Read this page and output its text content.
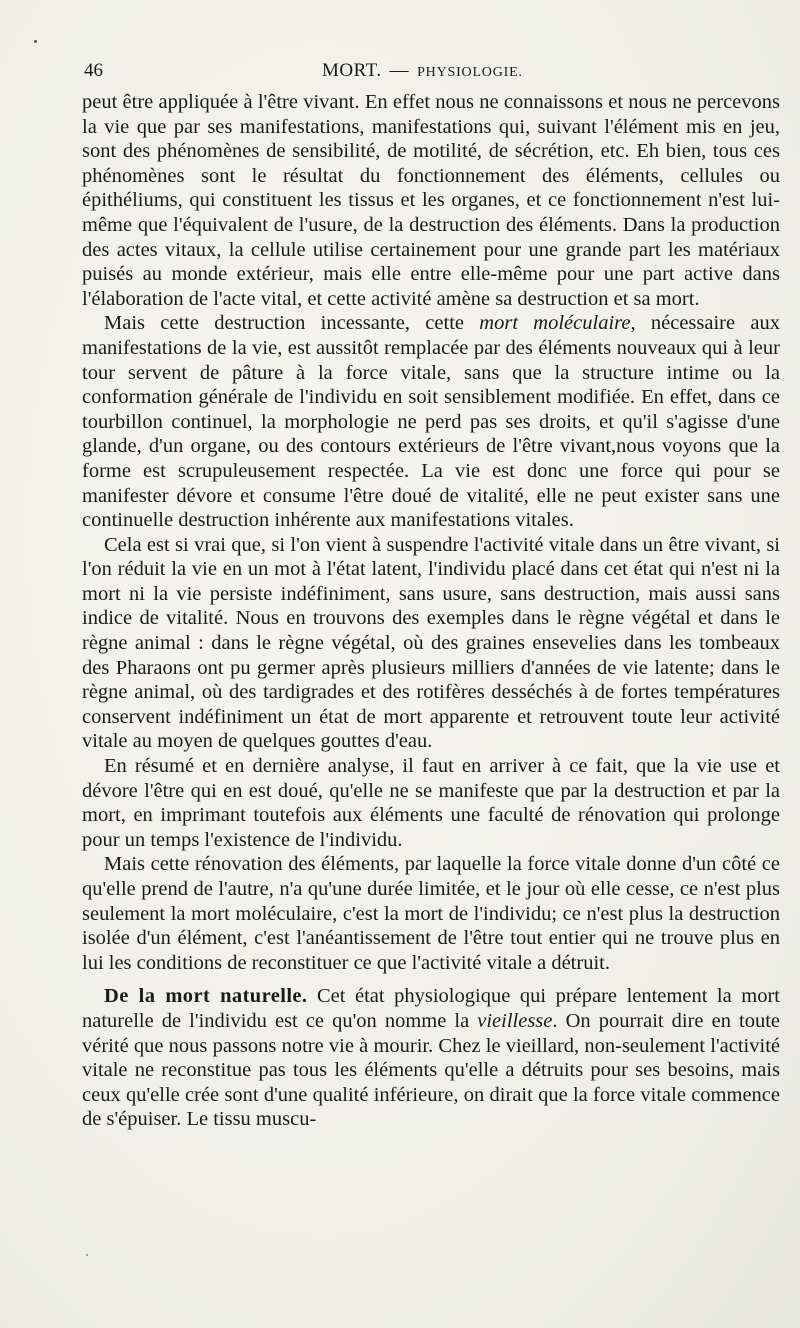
46	MORT. — PHYSIOLOGIE.

peut être appliquée à l'être vivant. En effet nous ne connaissons et nous ne percevons la vie que par ses manifestations, manifestations qui, suivant l'élément mis en jeu, sont des phénomènes de sensibilité, de motilité, de sécrétion, etc. Eh bien, tous ces phénomènes sont le résultat du fonctionnement des éléments, cellules ou épithéliums, qui constituent les tissus et les organes, et ce fonctionnement n'est lui-même que l'équivalent de l'usure, de la destruction des éléments. Dans la production des actes vitaux, la cellule utilise certainement pour une grande part les matériaux puisés au monde extérieur, mais elle entre elle-même pour une part active dans l'élaboration de l'acte vital, et cette activité amène sa destruction et sa mort.

Mais cette destruction incessante, cette mort moléculaire, nécessaire aux manifestations de la vie, est aussitôt remplacée par des éléments nouveaux qui à leur tour servent de pâture à la force vitale, sans que la structure intime ou la conformation générale de l'individu en soit sensiblement modifiée. En effet, dans ce tourbillon continuel, la morphologie ne perd pas ses droits, et qu'il s'agisse d'une glande, d'un organe, ou des contours extérieurs de l'être vivant,nous voyons que la forme est scrupuleusement respectée. La vie est donc une force qui pour se manifester dévore et consume l'être doué de vitalité, elle ne peut exister sans une continuelle destruction inhérente aux manifestations vitales.

Cela est si vrai que, si l'on vient à suspendre l'activité vitale dans un être vivant, si l'on réduit la vie en un mot à l'état latent, l'individu placé dans cet état qui n'est ni la mort ni la vie persiste indéfiniment, sans usure, sans destruction, mais aussi sans indice de vitalité. Nous en trouvons des exemples dans le règne végétal et dans le règne animal : dans le règne végétal, où des graines ensevelies dans les tombeaux des Pharaons ont pu germer après plusieurs milliers d'années de vie latente; dans le règne animal, où des tardigrades et des rotifères desséchés à de fortes températures conservent indéfiniment un état de mort apparente et retrouvent toute leur activité vitale au moyen de quelques gouttes d'eau.

En résumé et en dernière analyse, il faut en arriver à ce fait, que la vie use et dévore l'être qui en est doué, qu'elle ne se manifeste que par la destruction et par la mort, en imprimant toutefois aux éléments une faculté de rénovation qui prolonge pour un temps l'existence de l'individu.

Mais cette rénovation des éléments, par laquelle la force vitale donne d'un côté ce qu'elle prend de l'autre, n'a qu'une durée limitée, et le jour où elle cesse, ce n'est plus seulement la mort moléculaire, c'est la mort de l'individu; ce n'est plus la destruction isolée d'un élément, c'est l'anéantissement de l'être tout entier qui ne trouve plus en lui les conditions de reconstituer ce que l'activité vitale a détruit.

De la mort naturelle. Cet état physiologique qui prépare lentement la mort naturelle de l'individu est ce qu'on nomme la vieillesse. On pourrait dire en toute vérité que nous passons notre vie à mourir. Chez le vieillard, non-seulement l'activité vitale ne reconstitue pas tous les éléments qu'elle a détruits pour ses besoins, mais ceux qu'elle crée sont d'une qualité inférieure, on dirait que la force vitale commence de s'épuiser. Le tissu muscu-
